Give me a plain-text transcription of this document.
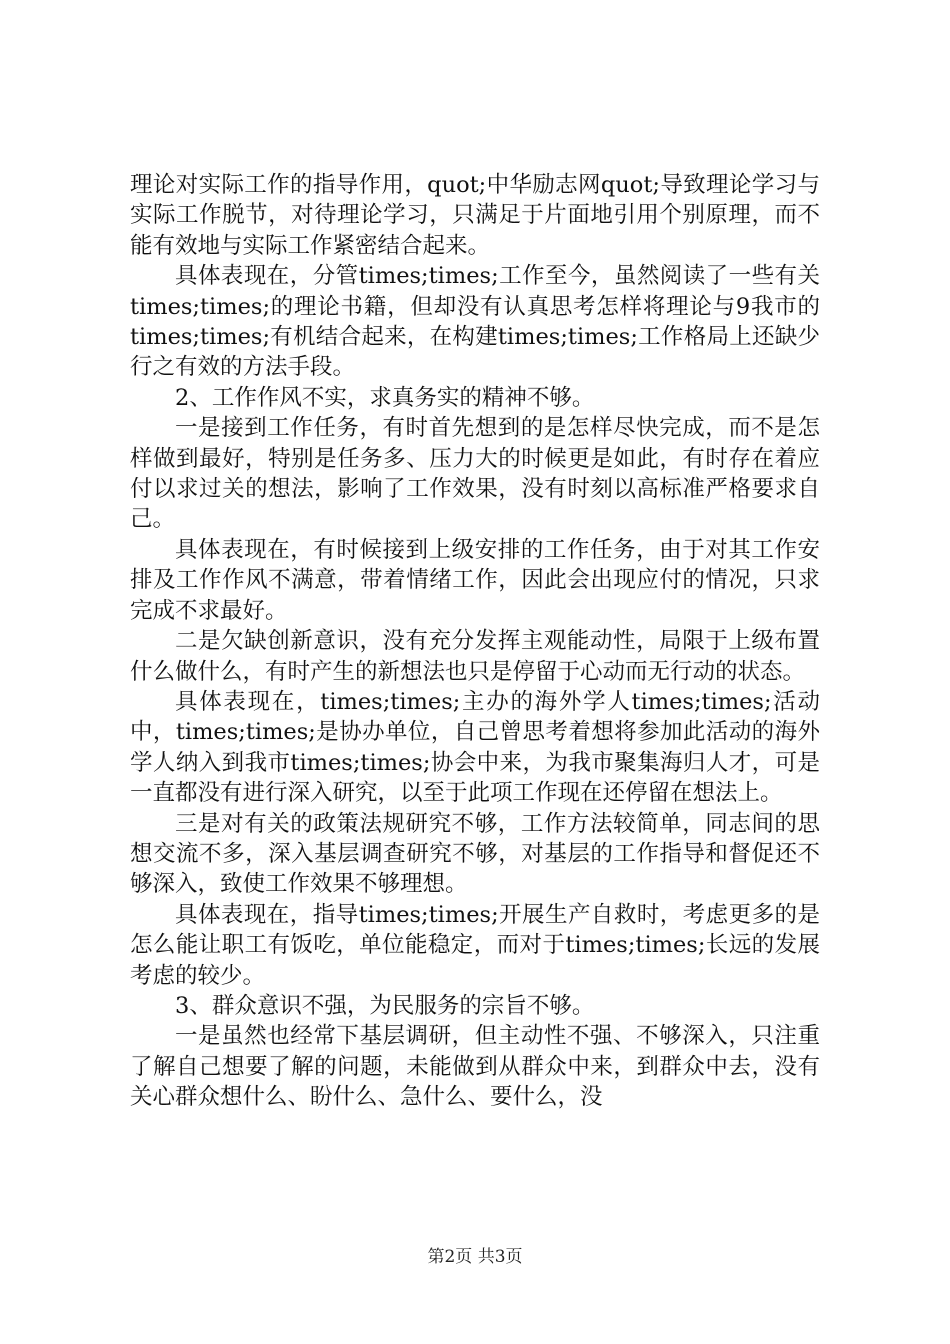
理论对实际工作的指导作用，quot;中华励志网quot;导致理论学习与实际工作脱节，对待理论学习，只满足于片面地引用个别原理，而不能有效地与实际工作紧密结合起来。

具体表现在，分管times;times;工作至今，虽然阅读了一些有关times;times;的理论书籍，但却没有认真思考怎样将理论与9我市的times;times;有机结合起来，在构建times;times;工作格局上还缺少行之有效的方法手段。

2、工作作风不实，求真务实的精神不够。

一是接到工作任务，有时首先想到的是怎样尽快完成，而不是怎样做到最好，特别是任务多、压力大的时候更是如此，有时存在着应付以求过关的想法，影响了工作效果，没有时刻以高标准严格要求自己。

具体表现在，有时候接到上级安排的工作任务，由于对其工作安排及工作作风不满意，带着情绪工作，因此会出现应付的情况，只求完成不求最好。

二是欠缺创新意识，没有充分发挥主观能动性，局限于上级布置什么做什么，有时产生的新想法也只是停留于心动而无行动的状态。

具体表现在，times;times;主办的海外学人times;times;活动中，times;times;是协办单位，自己曾思考着想将参加此活动的海外学人纳入到我市times;times;协会中来，为我市聚集海归人才，可是一直都没有进行深入研究，以至于此项工作现在还停留在想法上。

三是对有关的政策法规研究不够，工作方法较简单，同志间的思想交流不多，深入基层调查研究不够，对基层的工作指导和督促还不够深入，致使工作效果不够理想。

具体表现在，指导times;times;开展生产自救时，考虑更多的是怎么能让职工有饭吃，单位能稳定，而对于times;times;长远的发展考虑的较少。

3、群众意识不强，为民服务的宗旨不够。

一是虽然也经常下基层调研，但主动性不强、不够深入，只注重了解自己想要了解的问题，未能做到从群众中来，到群众中去，没有关心群众想什么、盼什么、急什么、要什么，没

第2页 共3页
